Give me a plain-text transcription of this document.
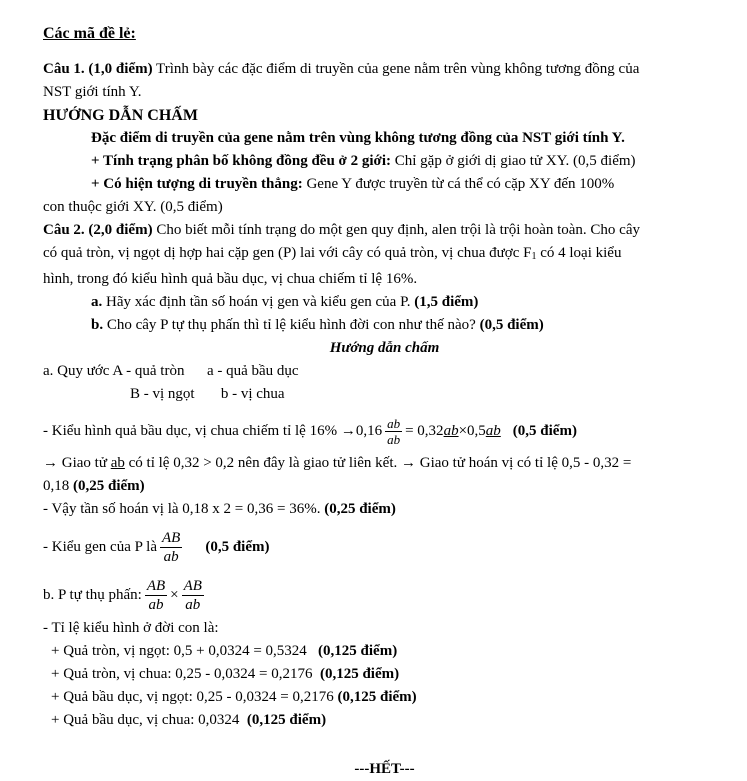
Các mã đề lẻ:
Câu 1. (1,0 điểm) Trình bày các đặc điểm di truyền của gene nằm trên vùng không tương đồng của
NST giới tính Y.
HƯỚNG DẪN CHẤM
Đặc điểm di truyền của gene nằm trên vùng không tương đồng của NST giới tính Y.
+ Tính trạng phân bố không đồng đều ở 2 giới: Chỉ gặp ở giới dị giao tử XY. (0,5 điểm)
+ Có hiện tượng di truyền thẳng: Gene Y được truyền từ cá thể có cặp XY đến 100%
con thuộc giới XY. (0,5 điểm)
Câu 2. (2,0 điểm) Cho biết mỗi tính trạng do một gen quy định, alen trội là trội hoàn toàn. Cho cây
có quả tròn, vị ngọt dị hợp hai cặp gen (P) lai với cây có quả tròn, vị chua được $F_1$ có 4 loại kiểu
hình, trong đó kiểu hình quả bầu dục, vị chua chiếm tỉ lệ 16%.
a. Hãy xác định tần số hoán vị gen và kiểu gen của P. (1,5 điểm)
b. Cho cây P tự thụ phấn thì tỉ lệ kiểu hình đời con như thế nào? (0,5 điểm)
Hướng dẫn chấm
a. Quy ước A - quả tròn      a - quả bầu dục
B - vị ngọt       b - vị chua
- Kiểu hình quả bầu dục, vị chua chiếm tỉ lệ $16\% \to 0,16 \frac{ab}{ab} = 0,32$ ab ×0,5 ab (0,5 điểm)
→ Giao tử ab có tỉ lệ 0,32 > 0,2 nên đây là giao tử liên kết. → Giao tử hoán vị có tỉ lệ 0,5 - 0,32 =
0,18 (0,25 điểm)
- Vậy tần số hoán vị là 0,18 x 2 = 0,36 = 36%. (0,25 điểm)
- Kiểu gen của P là $\frac{AB}{ab} (0,5$ điểm)
b. P tự thụ phấn: $\frac{AB}{ab} \times \frac{AB}{ab}$
- Tỉ lệ kiểu hình ở đời con là:
+ Quả tròn, vị ngọt: 0,5 + 0,0324 = 0,5324   (0,125 điểm)
+ Quả tròn, vị chua: 0,25 - 0,0324 = 0,2176  (0,125 điểm)
+ Quả bầu dục, vị ngọt: 0,25 - 0,0324 = 0,2176 (0,125 điểm)
+ Quả bầu dục, vị chua: 0,0324  (0,125 điểm)
---HẾT---
